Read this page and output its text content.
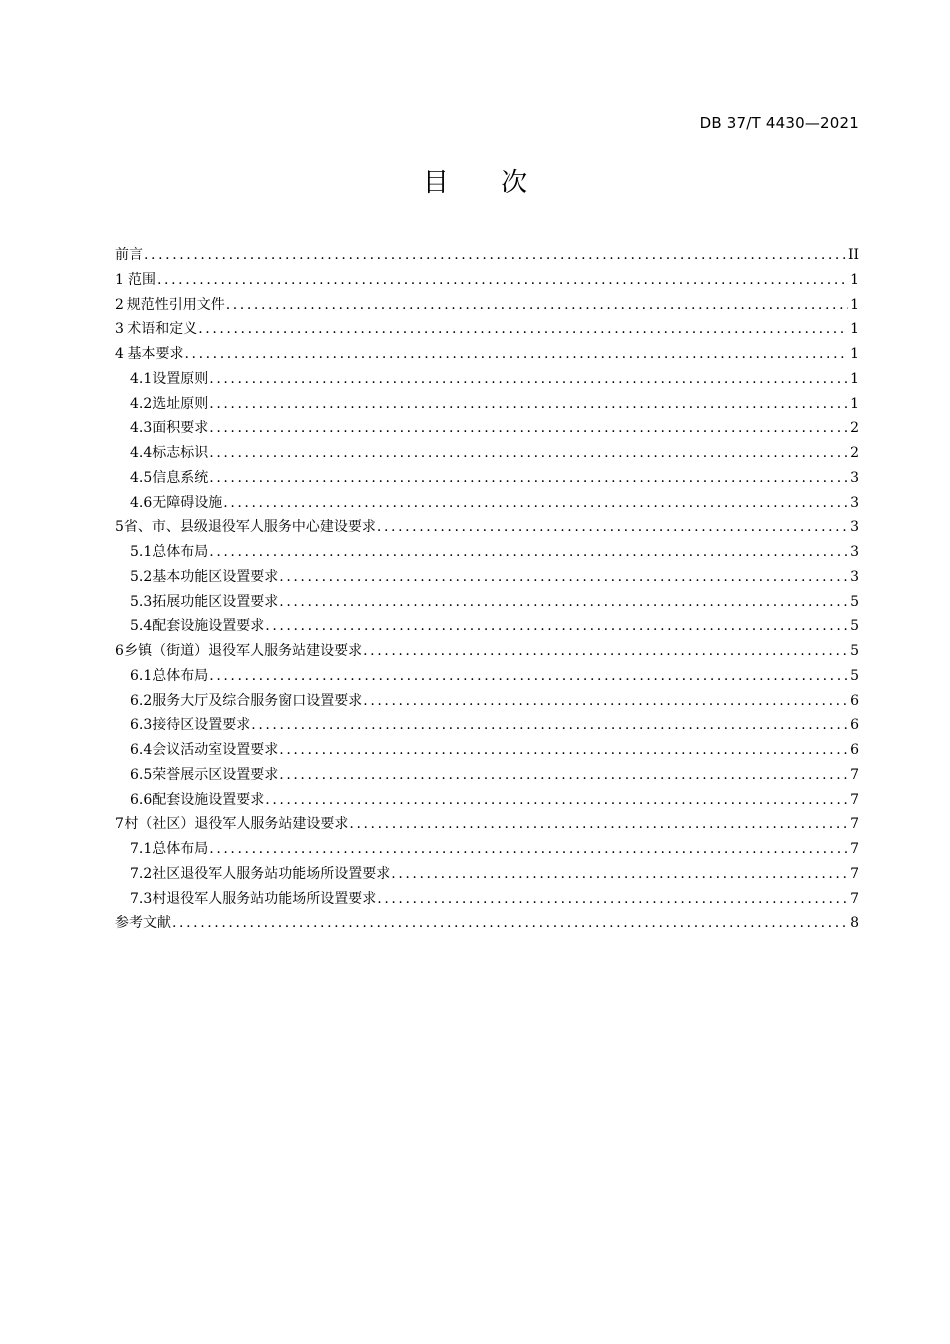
DB 37/T 4430—2021
目 次
前言 .....	II
1 范围 .....	1
2 规范性引用文件 .....	1
3 术语和定义 .....	1
4 基本要求 .....	1
4.1 设置原则 .....	1
4.2 选址原则 .....	1
4.3 面积要求 .....	2
4.4 标志标识 .....	2
4.5 信息系统 .....	3
4.6 无障碍设施 .....	3
5 省、市、县级退役军人服务中心建设要求 .....	3
5.1 总体布局 .....	3
5.2 基本功能区设置要求 .....	3
5.3 拓展功能区设置要求 .....	5
5.4 配套设施设置要求 .....	5
6 乡镇（街道）退役军人服务站建设要求 .....	5
6.1 总体布局 .....	5
6.2 服务大厅及综合服务窗口设置要求 .....	6
6.3 接待区设置要求 .....	6
6.4 会议活动室设置要求 .....	6
6.5 荣誉展示区设置要求 .....	7
6.6 配套设施设置要求 .....	7
7 村（社区）退役军人服务站建设要求 .....	7
7.1 总体布局 .....	7
7.2 社区退役军人服务站功能场所设置要求 .....	7
7.3 村退役军人服务站功能场所设置要求 .....	7
参考文献 .....	8
